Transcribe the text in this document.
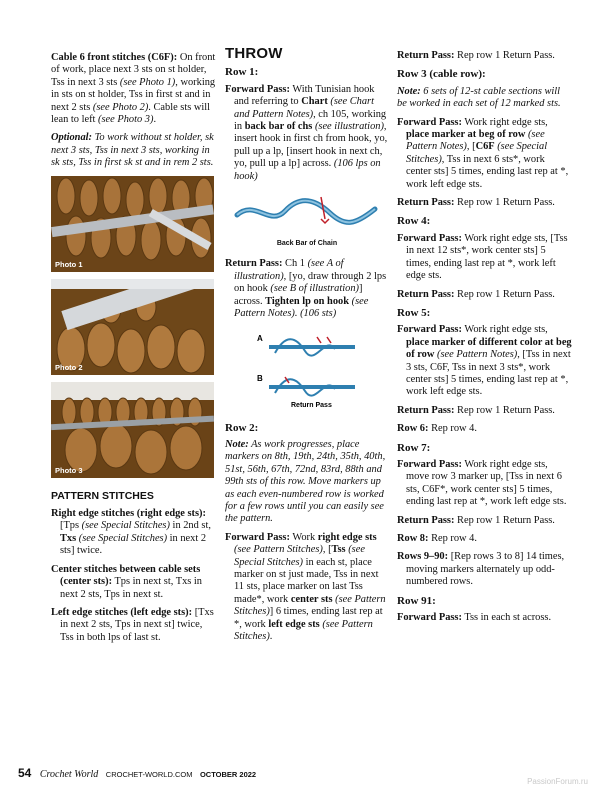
Cable 6 front stitches (C6F): On front of work, place next 3 sts on st holder, Tss in next 3 sts (see Photo 1), working in sts on st holder, Tss in first st and in next 2 sts (see Photo 2). Cable sts will lean to left (see Photo 3).

Optional: To work without st holder, sk next 3 sts, Tss in next 3 sts, working in sk sts, Tss in first sk st and in rem 2 sts.

Photo 1
Photo 2
Photo 3

PATTERN STITCHES

Right edge stitches (right edge sts): [Tps (see Special Stitches) in 2nd st, Txs (see Special Stitches) in next 2 sts] twice.

Center stitches between cable sets (center sts): Tps in next st, Txs in next 2 sts, Tps in next st.

Left edge stitches (left edge sts): [Txs in next 2 sts, Tps in next st] twice, Tss in both lps of last st.

THROW

Row 1:

Forward Pass: With Tunisian hook and referring to Chart (see Chart and Pattern Notes), ch 105, working in back bar of chs (see illustration), insert hook in first ch from hook, yo, pull up a lp, [insert hook in next ch, yo, pull up a lp] across. (106 lps on hook)

Back Bar of Chain

Return Pass: Ch 1 (see A of illustration), [yo, draw through 2 lps on hook (see B of illustration)] across. Tighten lp on hook (see Pattern Notes). (106 sts)

A
B
Return Pass

Row 2:

Note: As work progresses, place markers on 8th, 19th, 24th, 35th, 40th, 51st, 56th, 67th, 72nd, 83rd, 88th and 99th sts of this row. Move markers up as each even-numbered row is worked for a few rows until you can easily see the pattern.

Forward Pass: Work right edge sts (see Pattern Stitches), [Tss (see Special Stitches) in each st, place marker on st just made, Tss in next 11 sts, place marker on last Tss made*, work center sts (see Pattern Stitches)] 6 times, ending last rep at *, work left edge sts (see Pattern Stitches).

Return Pass: Rep row 1 Return Pass.

Row 3 (cable row):

Note: 6 sets of 12-st cable sections will be worked in each set of 12 marked sts.

Forward Pass: Work right edge sts, place marker at beg of row (see Pattern Notes), [C6F (see Special Stitches), Tss in next 6 sts*, work center sts] 5 times, ending last rep at *, work left edge sts.

Return Pass: Rep row 1 Return Pass.

Row 4:

Forward Pass: Work right edge sts, [Tss in next 12 sts*, work center sts] 5 times, ending last rep at *, work left edge sts.

Return Pass: Rep row 1 Return Pass.

Row 5:

Forward Pass: Work right edge sts, place marker of different color at beg of row (see Pattern Notes), [Tss in next 3 sts, C6F, Tss in next 3 sts*, work center sts] 5 times, ending last rep at *, work left edge sts.

Return Pass: Rep row 1 Return Pass.

Row 6: Rep row 4.

Row 7:

Forward Pass: Work right edge sts, move row 3 marker up, [Tss in next 6 sts, C6F*, work center sts] 5 times, ending last rep at *, work left edge sts.

Return Pass: Rep row 1 Return Pass.

Row 8: Rep row 4.

Rows 9–90: [Rep rows 3 to 8] 14 times, moving markers alternately up odd-numbered rows.

Row 91:

Forward Pass: Tss in each st across.

54 Crochet World CROCHET-WORLD.COM OCTOBER 2022
PassionForum.ru
